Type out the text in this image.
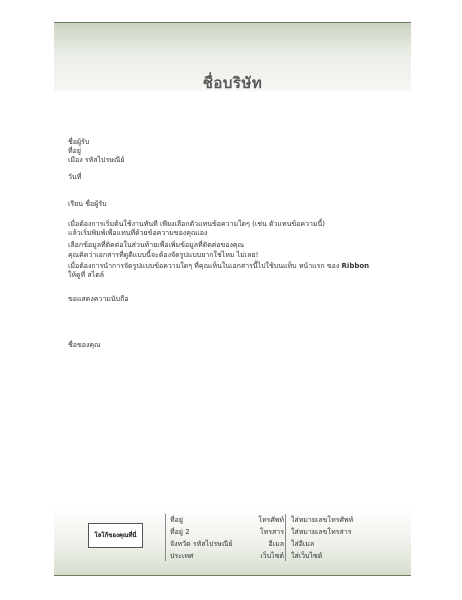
ชื่อบริษัท
ชื่อผู้รับ
ที่อยู่
เมือง รหัสไปรษณีย์
วันที่
เรียน ชื่อผู้รับ
เมื่อต้องการเริ่มต้นใช้งานทันที เพียงเลือกตัวแทนข้อความใดๆ (เช่น ตัวแทนข้อความนี้)
แล้วเริ่มพิมพ์เพื่อแทนที่ด้วยข้อความของคุณเอง
เลือกข้อมูลที่ติดต่อในส่วนท้ายเพื่อเพิ่มข้อมูลที่ติดต่อของคุณ
คุณคิดว่าเอกสารที่ดูดีแบบนี้จะต้องจัดรูปแบบยากใช่ไหม ไม่เลย!
เมื่อต้องการนำการจัดรูปแบบข้อความใดๆ ที่คุณเห็นในเอกสารนี้ไปใช้บนแท็บ หน้าแรก ของ Ribbon
ให้ดูที่ สไตล์
ขอแสดงความนับถือ
ชื่อของคุณ
โลโก้ของคุณที่นี่
ที่อยู่
ที่อยู่ 2
จังหวัด รหัสไปรษณีย์
ประเทศ
โทรศัพท์
โทรสาร
อีเมล
เว็บไซต์
ใส่หมายเลขโทรศัพท์
ใส่หมายเลขโทรสาร
ใส่อีเมล
ใส่เว็บไซต์
